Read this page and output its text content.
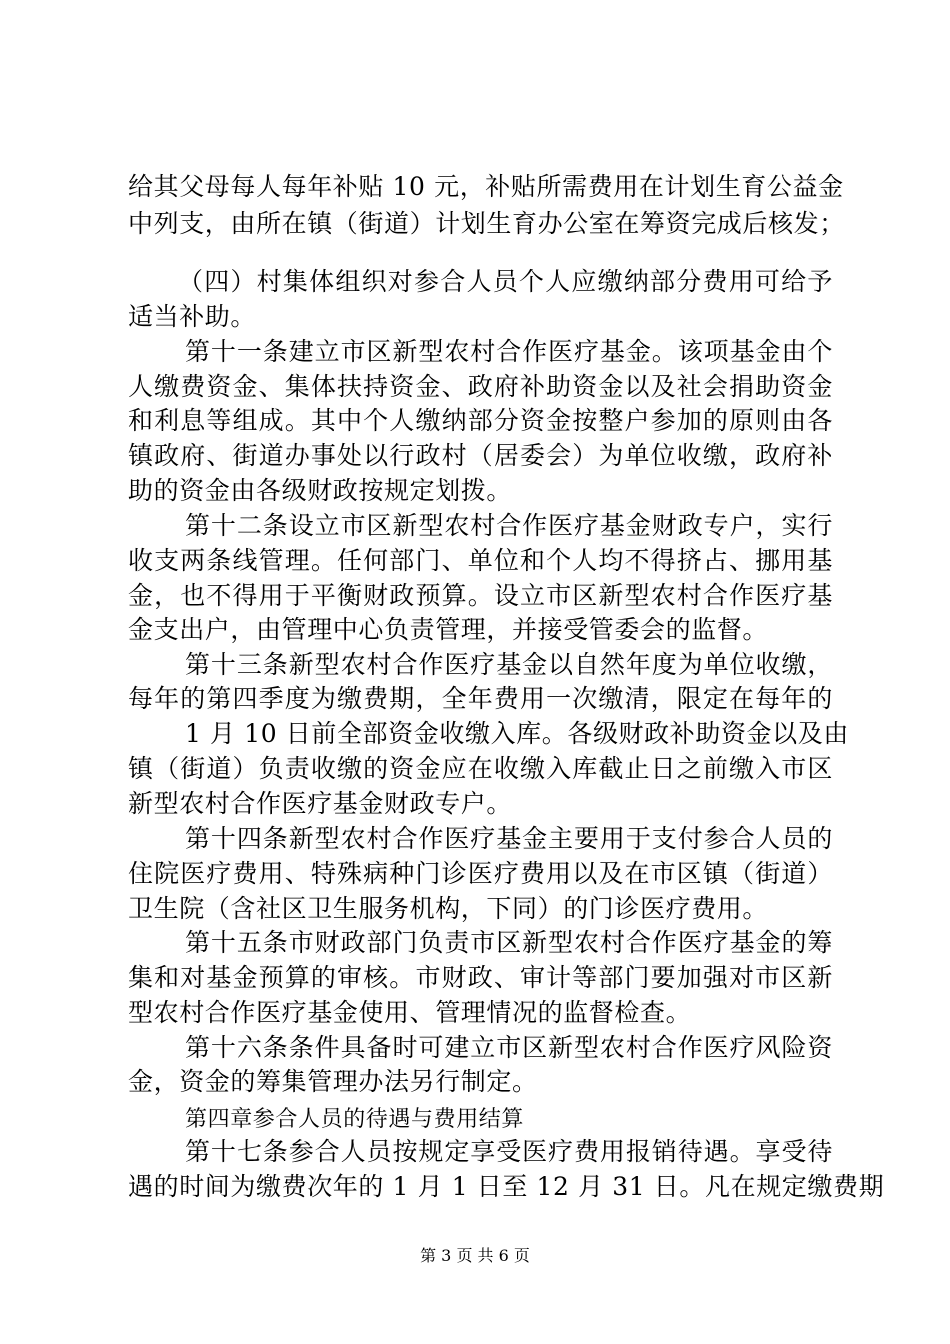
给其父母每人每年补贴 10 元，补贴所需费用在计划生育公益金
中列支，由所在镇（街道）计划生育办公室在筹资完成后核发；
（四）村集体组织对参合人员个人应缴纳部分费用可给予
适当补助。
第十一条建立市区新型农村合作医疗基金。该项基金由个
人缴费资金、集体扶持资金、政府补助资金以及社会捐助资金
和利息等组成。其中个人缴纳部分资金按整户参加的原则由各
镇政府、街道办事处以行政村（居委会）为单位收缴，政府补
助的资金由各级财政按规定划拨。
第十二条设立市区新型农村合作医疗基金财政专户，实行
收支两条线管理。任何部门、单位和个人均不得挤占、挪用基
金，也不得用于平衡财政预算。设立市区新型农村合作医疗基
金支出户，由管理中心负责管理，并接受管委会的监督。
第十三条新型农村合作医疗基金以自然年度为单位收缴，
每年的第四季度为缴费期，全年费用一次缴清，限定在每年的
1 月 10 日前全部资金收缴入库。各级财政补助资金以及由
镇（街道）负责收缴的资金应在收缴入库截止日之前缴入市区
新型农村合作医疗基金财政专户。
第十四条新型农村合作医疗基金主要用于支付参合人员的
住院医疗费用、特殊病种门诊医疗费用以及在市区镇（街道）
卫生院（含社区卫生服务机构，下同）的门诊医疗费用。
第十五条市财政部门负责市区新型农村合作医疗基金的筹
集和对基金预算的审核。市财政、审计等部门要加强对市区新
型农村合作医疗基金使用、管理情况的监督检查。
第十六条条件具备时可建立市区新型农村合作医疗风险资
金，资金的筹集管理办法另行制定。
第四章参合人员的待遇与费用结算
第十七条参合人员按规定享受医疗费用报销待遇。享受待
遇的时间为缴费次年的 1 月 1 日至 12 月 31 日。凡在规定缴费期
第 3 页 共 6 页
